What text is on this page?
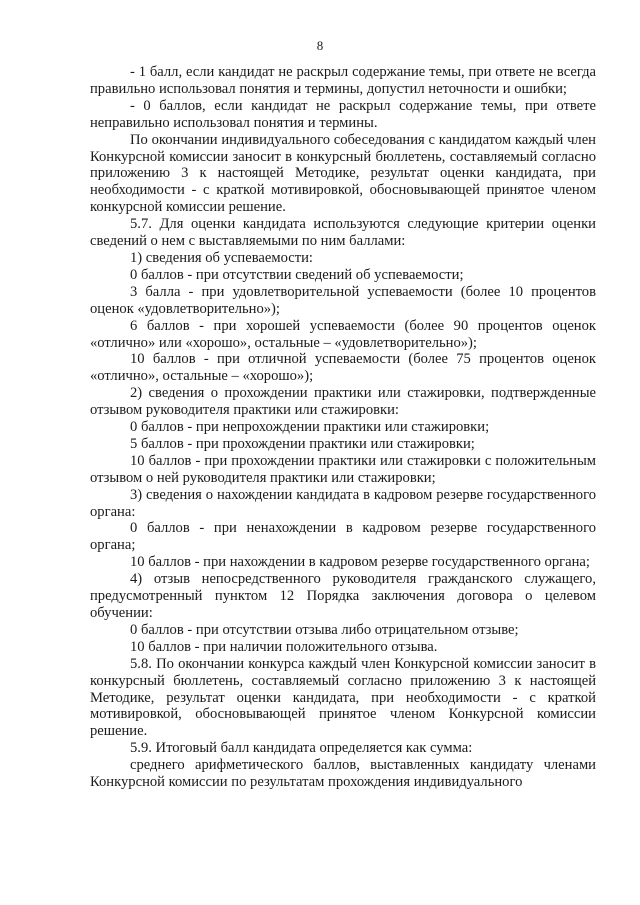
8

- 1 балл, если кандидат не раскрыл содержание темы, при ответе не всегда правильно использовал понятия и термины, допустил неточности и ошибки;

- 0 баллов, если кандидат не раскрыл содержание темы, при ответе неправильно использовал понятия и термины.

По окончании индивидуального собеседования с кандидатом каждый член Конкурсной комиссии заносит в конкурсный бюллетень, составляемый согласно приложению 3 к настоящей Методике, результат оценки кандидата, при необходимости - с краткой мотивировкой, обосновывающей принятое членом конкурсной комиссии решение.

5.7. Для оценки кандидата используются следующие критерии оценки сведений о нем с выставляемыми по ним баллами:

1) сведения об успеваемости:

0 баллов - при отсутствии сведений об успеваемости;

3 балла - при удовлетворительной успеваемости (более 10 процентов оценок «удовлетворительно»);

6 баллов - при хорошей успеваемости (более 90 процентов оценок «отлично» или «хорошо», остальные – «удовлетворительно»);

10 баллов - при отличной успеваемости (более 75 процентов оценок «отлично», остальные – «хорошо»);

2) сведения о прохождении практики или стажировки, подтвержденные отзывом руководителя практики или стажировки:

0 баллов - при непрохождении практики или стажировки;

5 баллов - при прохождении практики или стажировки;

10 баллов - при прохождении практики или стажировки с положительным отзывом о ней руководителя практики или стажировки;

3) сведения о нахождении кандидата в кадровом резерве государственного органа:

0 баллов - при ненахождении в кадровом резерве государственного органа;

10 баллов - при нахождении в кадровом резерве государственного органа;

4) отзыв непосредственного руководителя гражданского служащего, предусмотренный пунктом 12 Порядка заключения договора о целевом обучении:

0 баллов - при отсутствии отзыва либо отрицательном отзыве;

10 баллов - при наличии положительного отзыва.

5.8. По окончании конкурса каждый член Конкурсной комиссии заносит в конкурсный бюллетень, составляемый согласно приложению 3 к настоящей Методике, результат оценки кандидата, при необходимости - с краткой мотивировкой, обосновывающей принятое членом Конкурсной комиссии решение.

5.9. Итоговый балл кандидата определяется как сумма:

среднего арифметического баллов, выставленных кандидату членами Конкурсной комиссии по результатам прохождения индивидуального
